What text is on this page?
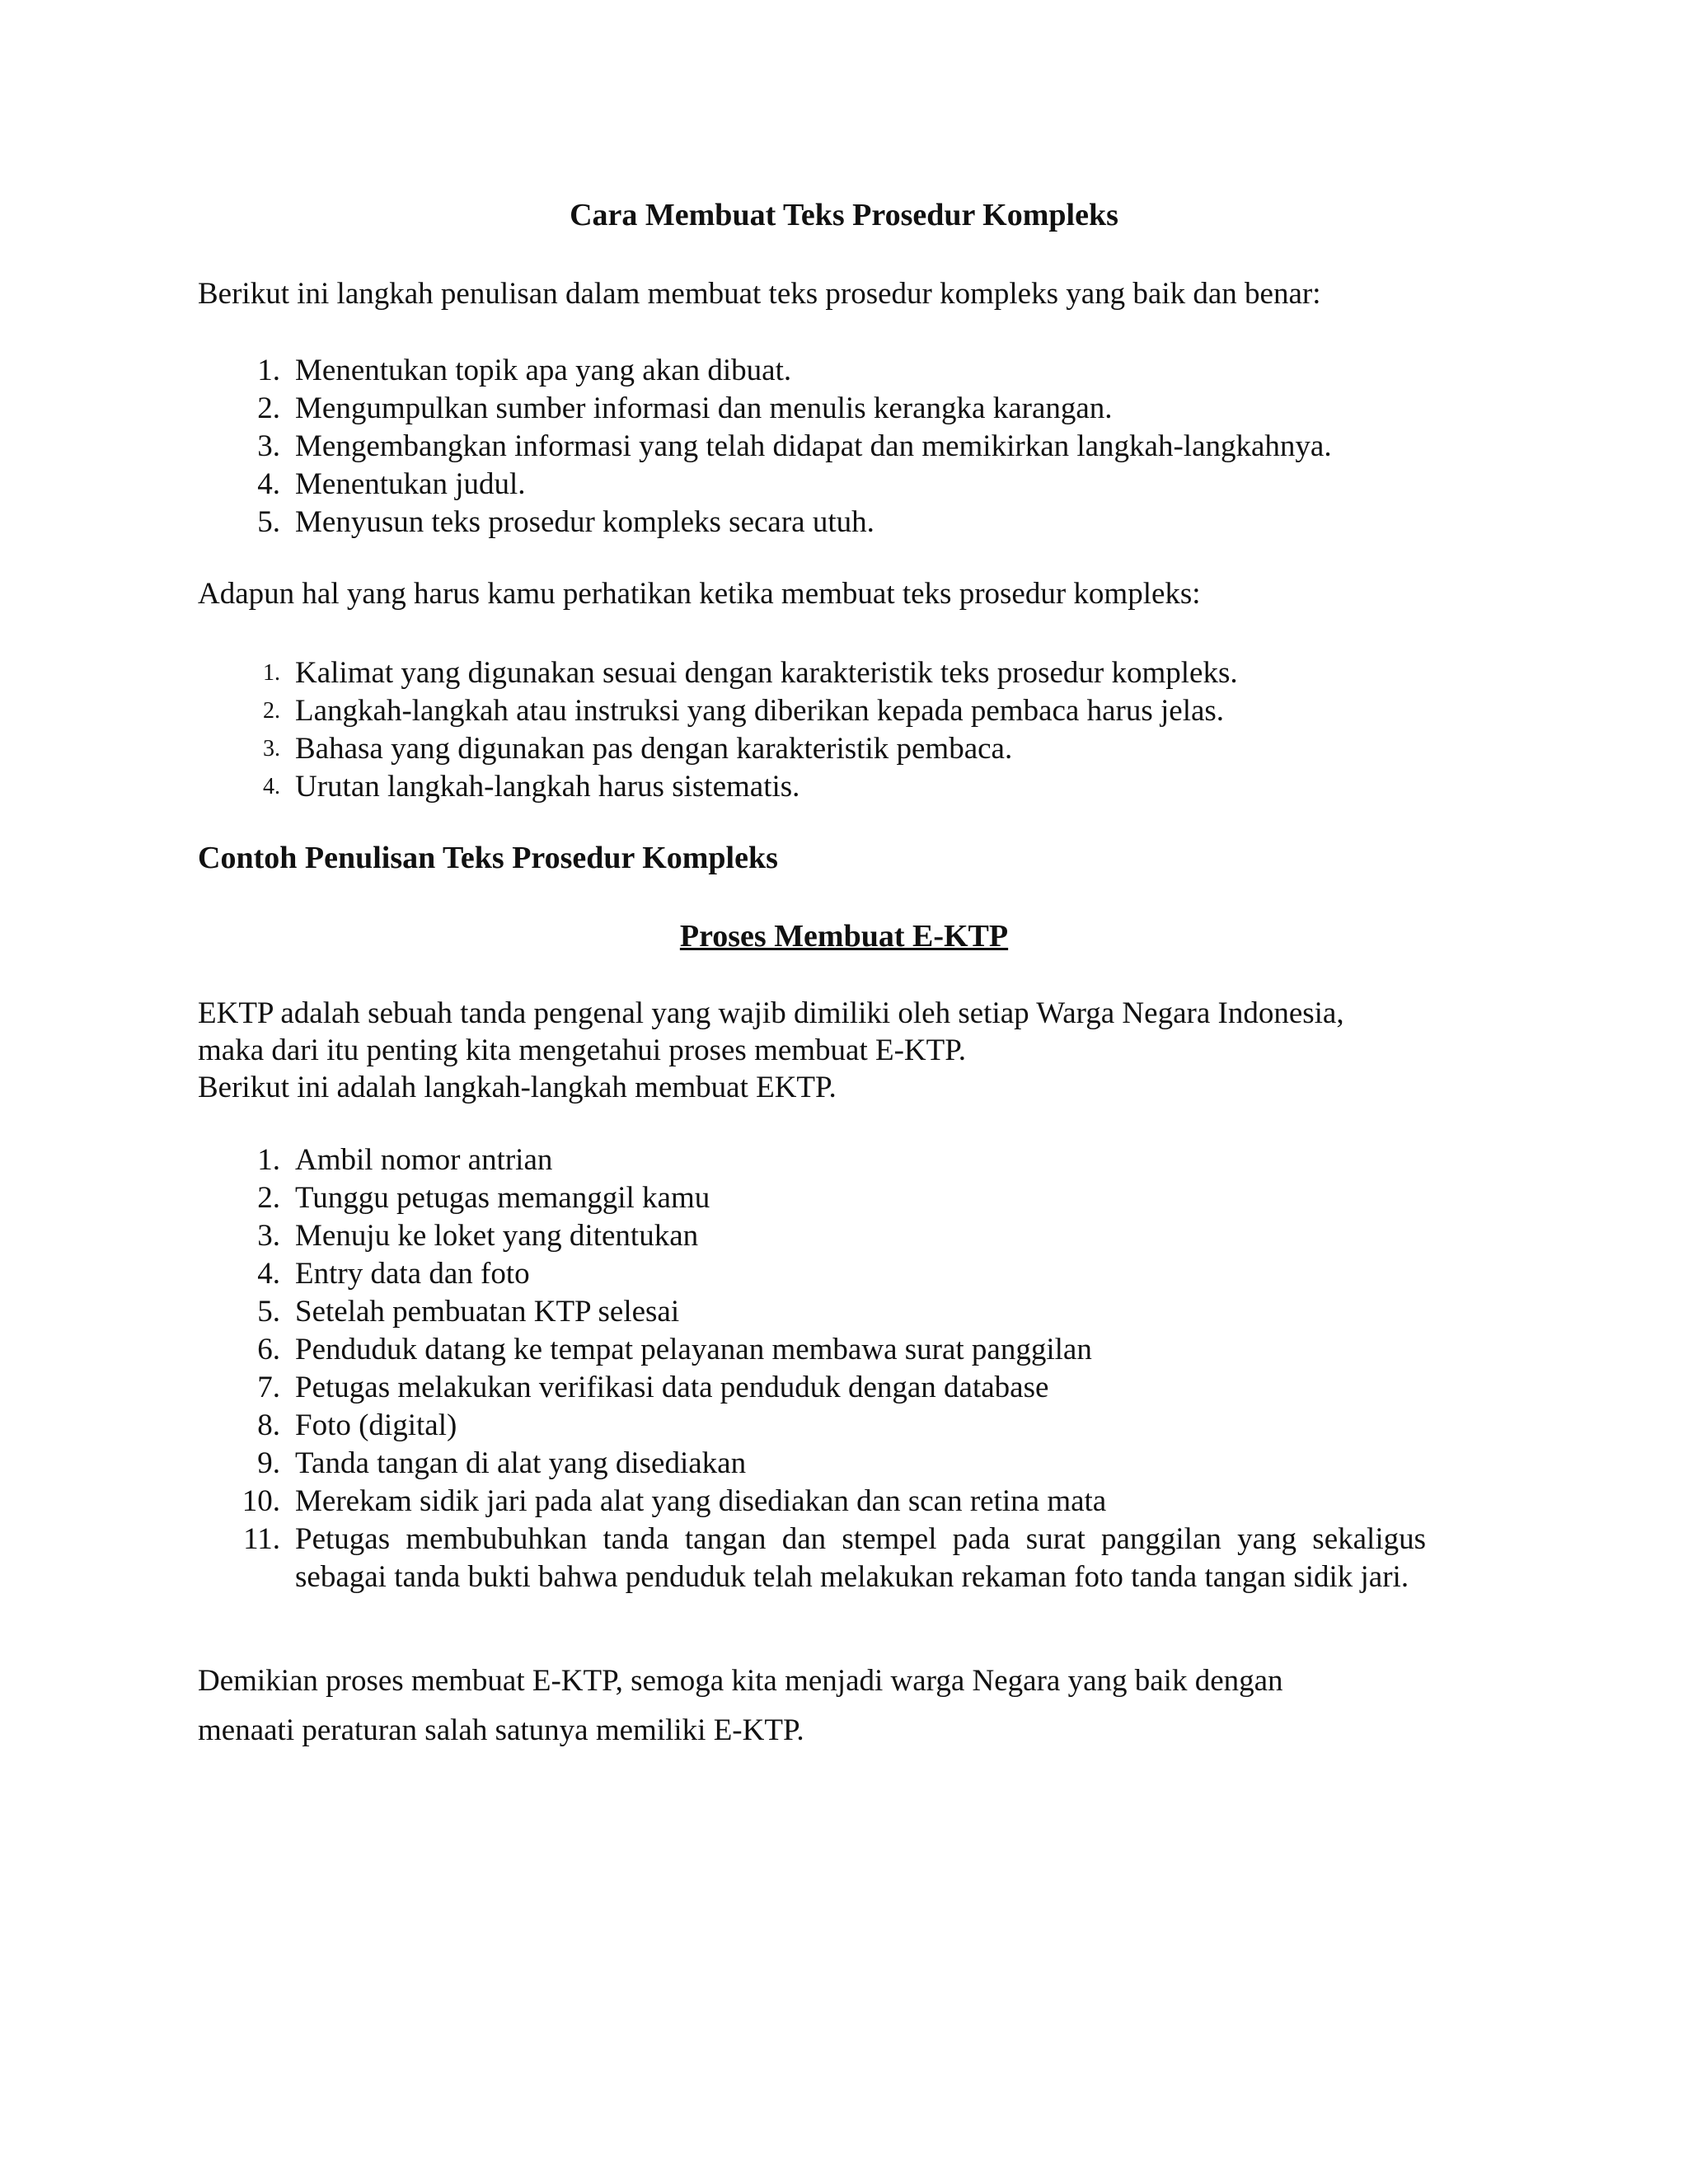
Cara Membuat Teks Prosedur Kompleks
Berikut ini langkah penulisan dalam membuat teks prosedur kompleks yang baik dan benar:
1. Menentukan topik apa yang akan dibuat.
2. Mengumpulkan sumber informasi dan menulis kerangka karangan.
3. Mengembangkan informasi yang telah didapat dan memikirkan langkah-langkahnya.
4. Menentukan judul.
5. Menyusun teks prosedur kompleks secara utuh.
Adapun hal yang harus kamu perhatikan ketika membuat teks prosedur kompleks:
1. Kalimat yang digunakan sesuai dengan karakteristik teks prosedur kompleks.
2. Langkah-langkah atau instruksi yang diberikan kepada pembaca harus jelas.
3. Bahasa yang digunakan pas dengan karakteristik pembaca.
4. Urutan langkah-langkah harus sistematis.
Contoh Penulisan Teks Prosedur Kompleks
Proses Membuat E-KTP
EKTP adalah sebuah tanda pengenal yang wajib dimiliki oleh setiap Warga Negara Indonesia,
maka dari itu penting kita mengetahui proses membuat E-KTP.
Berikut ini adalah langkah-langkah membuat EKTP.
1. Ambil nomor antrian
2. Tunggu petugas memanggil kamu
3. Menuju ke loket yang ditentukan
4. Entry data dan foto
5. Setelah pembuatan KTP selesai
6. Penduduk datang ke tempat pelayanan membawa surat panggilan
7. Petugas melakukan verifikasi data penduduk dengan database
8. Foto (digital)
9. Tanda tangan di alat yang disediakan
10. Merekam sidik jari pada alat yang disediakan dan scan retina mata
11. Petugas membubuhkan tanda tangan dan stempel pada surat panggilan yang sekaligus sebagai tanda bukti bahwa penduduk telah melakukan rekaman foto tanda tangan sidik jari.
Demikian proses membuat E-KTP, semoga kita menjadi warga Negara yang baik dengan
menaati peraturan salah satunya memiliki E-KTP.
